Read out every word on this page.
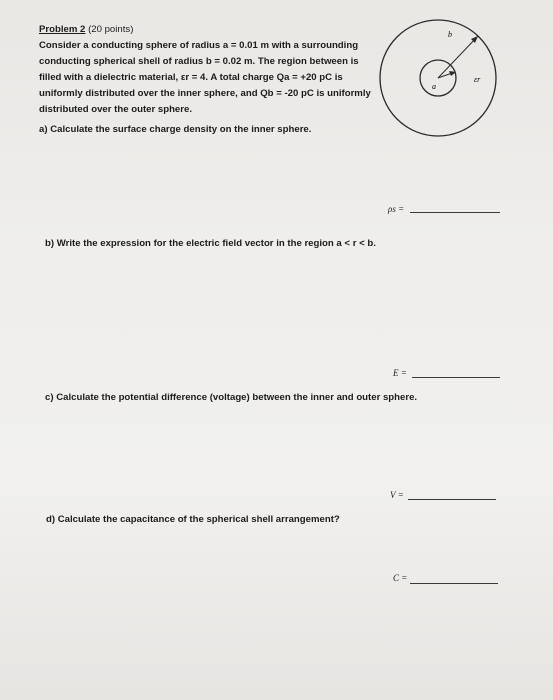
Problem 2 (20 points)
Consider a conducting sphere of radius a = 0.01 m with a surrounding
conducting spherical shell of radius b = 0.02 m. The region between is
filled with a dielectric material, εr = 4. A total charge Qa = +20 pC is
uniformly distributed over the inner sphere, and Qb = -20 pC is uniformly
distributed over the outer sphere.
b
a
εr
a) Calculate the surface charge density on the inner sphere.
ρs =
b) Write the expression for the electric field vector in the region a < r < b.
E =
c) Calculate the potential difference (voltage) between the inner and outer sphere.
V =
d) Calculate the capacitance of the spherical shell arrangement?
C =
